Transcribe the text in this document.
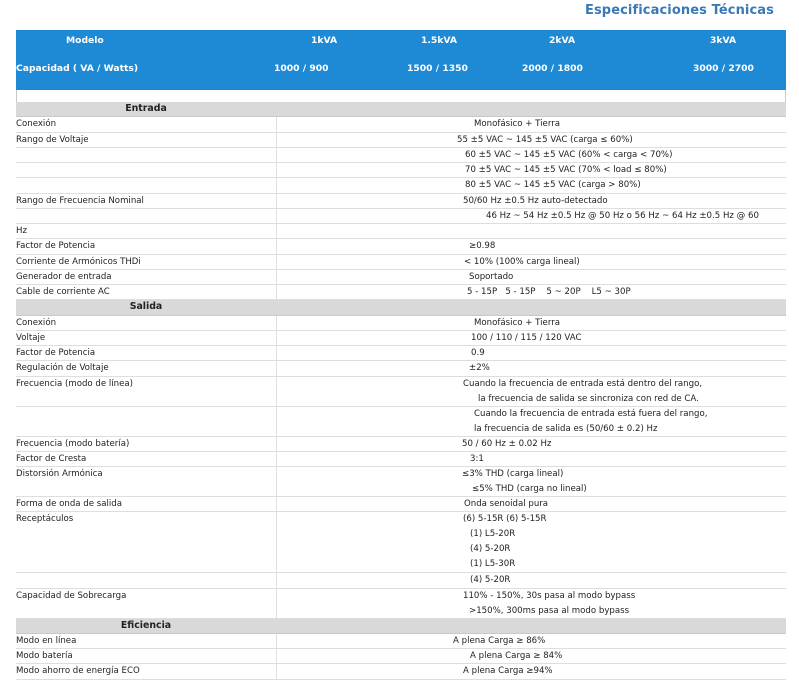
Especificaciones Técnicas
Modelo	1kVA	1.5kVA	2kVA	3kVA
Capacidad ( VA / Watts)	1000 / 900	1500 / 1350	2000 / 1800	3000 / 2700
Entrada
Conexión	Monofásico + Tierra
Rango de Voltaje	55 ±5 VAC ~ 145 ±5 VAC (carga ≤ 60%)
60 ±5 VAC ~ 145 ±5 VAC (60% < carga < 70%)
70 ±5 VAC ~ 145 ±5 VAC (70% < load ≤ 80%)
80 ±5 VAC ~ 145 ±5 VAC (carga > 80%)
Rango de Frecuencia Nominal	50/60 Hz ±0.5 Hz auto-detectado
46 Hz ~ 54 Hz ±0.5 Hz @ 50 Hz o 56 Hz ~ 64 Hz ±0.5 Hz @ 60
Hz
Factor de Potencia	≥0.98
Corriente de Armónicos THDi	< 10% (100% carga lineal)
Generador de entrada	Soportado
Cable de corriente AC	5 - 15P   5 - 15P    5 ~ 20P    L5 ~ 30P
Salida
Conexión	Monofásico + Tierra
Voltaje	100 / 110 / 115 / 120 VAC
Factor de Potencia	0.9
Regulación de Voltaje	±2%
Frecuencia (modo de línea)	Cuando la frecuencia de entrada está dentro del rango,
la frecuencia de salida se sincroniza con red de CA.
Cuando la frecuencia de entrada está fuera del rango,
la frecuencia de salida es (50/60 ± 0.2) Hz
Frecuencia (modo batería)	50 / 60 Hz ± 0.02 Hz
Factor de Cresta	3:1
Distorsión Armónica	≤3% THD (carga lineal)
≤5% THD (carga no lineal)
Forma de onda de salida	Onda senoidal pura
Receptáculos	(6) 5-15R (6) 5-15R
(1) L5-20R
(4) 5-20R
(1) L5-30R
(4) 5-20R
Capacidad de Sobrecarga	110% - 150%, 30s pasa al modo bypass
>150%, 300ms pasa al modo bypass
Eficiencia
Modo en línea	A plena Carga ≥ 86%
Modo batería	A plena Carga ≥ 84%
Modo ahorro de energía ECO	A plena Carga ≥94%
